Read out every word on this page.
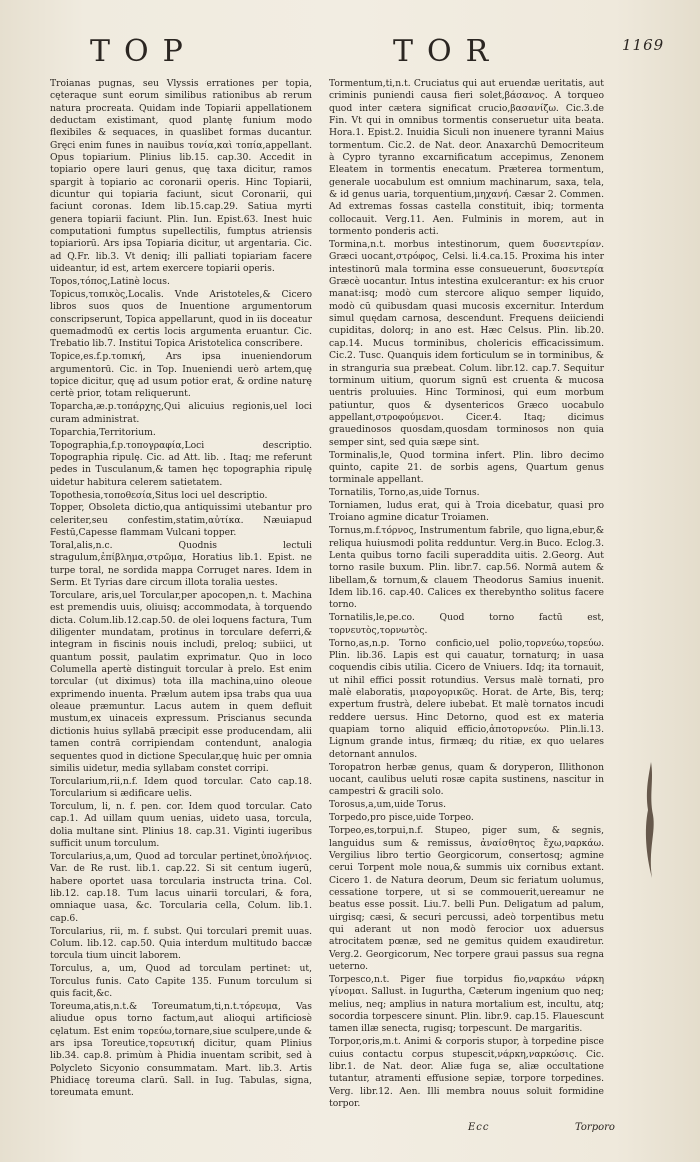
TOP	TOR	1169
Troianas pugnas, seu Vlyssis errationes per topia, cęteraque sunt eorum similibus rationibus ab rerum natura procreata. Quidam inde Topiarii appellationem deductam existimant, quod plantę funium modo flexibiles & sequaces, in quaslibet formas ducantur. Gręci enim funes in nauibus τονία,καὶ τοπία,appellant. Opus topiarium. Plinius lib.15. cap.30. Accedit in topiario opere lauri genus, quę taxa dicitur, ramos spargit à topiario ac coronarii operis. Hinc Topiarii, dicuntur qui topiaria faciunt, sicut Coronarii, qui faciunt coronas. Idem lib.15.cap.29. Satiua myrti genera topiarii faciunt. Plin. Iun. Epist.63. Inest huic computationi fumptus supellectilis, fumptus atriensis topiariorū. Ars ipsa Topiaria dicitur, ut argentaria. Cic. ad Q.Fr. lib.3. Vt deniq; illi palliati topiariam facere uideantur, id est, artem exercere topiarii operis.
Topos,τόπος,Latinè locus.
Topicus,τοπικὸς,Localis. Vnde Aristoteles,& Cicero libros suos quos de Inuentione argumentorum conscripserunt, Topica appellarunt, quod in iis doceatur quemadmodū ex certis locis argumenta eruantur. Cic. Trebatio lib.7. Institui Topica Aristotelica conscribere.
Topice,es.f.p.τοπική, Ars ipsa inueniendorum argumentorū. Cic. in Top. Inueniendi uerò artem,quę topice dicitur, quę ad usum potior erat, & ordine naturę certè prior, totam reliquerunt.
Toparcha,æ.p.τοπάρχης,Qui alicuius regionis,uel loci curam administrat.
Toparchia,Territorium.
Topographia,f.p.τοπογραφία,Loci descriptio. Topographia ripulę. Cic. ad Att. lib. . Itaq; me referunt pedes in Tusculanum,& tamen hęc topographia ripulę uidetur habitura celerem satietatem.
Topothesia,τοποθεσία,Situs loci uel descriptio.
Topper, Obsoleta dictio,qua antiquissimi utebantur pro celeriter,seu confestim,statim,αὐτίκα. Næuiapud Festū,Capesse flammam Vulcani topper.
Toral,alis,n.c. Quodnis lectuli stragulum,ἐπίβλημα,στρῶμα, Horatius lib.1. Epist. ne turpe toral, ne sordida mappa Corruget nares. Idem in Serm. Et Tyrias dare circum illota toralia uestes.
Torculare, aris,uel Torcular,per apocopen,n. t. Machina est premendis uuis, oliuisq; accommodata, à torquendo dicta. Colum.lib.12.cap.50. de olei loquens factura, Tum diligenter mundatam, protinus in torculare deferri,& integram in fiscinis nouis includi, preloq; subiici, ut quantum possit, paulatim exprimatur. Quo in loco Columella apertè distinguit torcular à prelo. Est enim torcular (ut diximus) tota illa machina,uino oleoue exprimendo inuenta. Prælum autem ipsa trabs qua uua oleaue præmuntur. Lacus autem in quem defluit mustum,ex uinaceis expressum. Priscianus secunda dictionis huius syllabā præcipit esse producendam, alii tamen contrā corripiendam contendunt, analogia sequentes quod in dictione Specular,quę huic per omnia similis uidetur, media syllabam constet corripi.
Torcularium,rii,n.f. Idem quod torcular. Cato cap.18. Torcularium si ædificare uelis.
Torculum, li, n. f. pen. cor. Idem quod torcular. Cato cap.1. Ad uillam quum uenias, uideto uasa, torcula, dolia multane sint. Plinius 18. cap.31. Viginti iugeribus sufficit unum torculum.
Torcularius,a,um, Quod ad torcular pertinet,ὑπολήνιος. Var. de Re rust. lib.1. cap.22. Si sit centum iugerū, habere oportet uasa torcularia instructa trina. Col. lib.12. cap.18. Tum lacus uinarii torculari, & fora, omniaque uasa, &c. Torcularia cella, Colum. lib.1. cap.6.
Torcularius, rii, m. f. subst. Qui torculari premit uuas. Colum. lib.12. cap.50. Quia interdum multitudo baccæ torcula tium uincit laborem.
Torculus, a, um, Quod ad torculam pertinet: ut, Torculus funis. Cato Capite 135. Funum torculum si quis facit,&c.
Toreuma,atis,n.t.& Toreumatum,ti,n.t.τόρευμα, Vas aliudue opus torno factum,aut alioqui artificiosè cęlatum. Est enim τορεύω,tornare,siue sculpere,unde & ars ipsa Toreutice,τορευτική dicitur, quam Plinius lib.34. cap.8. primùm à Phidia inuentam scribit, sed à Polycleto Sicyonio consummatam. Mart. lib.3. Artis Phidiacę toreuma clarū. Sall. in Iug. Tabulas, signa, toreumata emunt.
Tormentum,ti,n.t. Cruciatus qui aut eruendæ ueritatis, aut criminis puniendi causa fieri solet,βάσανος. A torqueo quod inter cætera significat crucio,βασανίζω. Cic.3.de Fin. Vt qui in omnibus tormentis conseruetur uita beata. Hora.1. Epist.2. Inuidia Siculi non inuenere tyranni Maius tormentum. Cic.2. de Nat. deor. Anaxarchū Democriteum à Cypro tyranno excarnificatum accepimus, Zenonem Eleatem in tormentis enecatum. Præterea tormentum, generale uocabulum est omnium machinarum, saxa, tela, & id genus uaria, torquentium,μηχανή. Cæsar 2. Commen. Ad extremas fossas castella constituit, ibiq; tormenta collocauit. Verg.11. Aen. Fulminis in morem, aut in tormento ponderis acti.
Tormina,n.t. morbus intestinorum, quem δυσεντερίαν. Græci uocant,στρόφος, Celsi. li.4.ca.15. Proxima his inter intestinorū mala tormina esse consueuerunt, δυσεντερία Græcè uocantur. Intus intestina exulcerantur: ex his cruor manat:isq; modò cum stercore aliquo semper liquido, modò cū quibusdam quasi mucosis excernitur. Interdum simul quędam carnosa, descendunt. Frequens deiiciendi cupiditas, dolorq; in ano est. Hæc Celsus. Plin. lib.20. cap.14. Mucus torminibus, cholericis efficacissimum. Cic.2. Tusc. Quanquis idem forticulum se in torminibus, & in stranguria sua præbeat. Colum. libr.12. cap.7. Sequitur torminum uitium, quorum signū est cruenta & mucosa uentris proluuies. Hinc Torminosi, qui eum morbum patiuntur, quos & dysentericos Græco uocabulo appellant,στροφούμενοι. Cicer.4. Itaq; dicimus grauedinosos quosdam,quosdam torminosos non quia semper sint, sed quia sæpe sint.
Torminalis,le, Quod tormina infert. Plin. libro decimo quinto, capite 21. de sorbis agens, Quartum genus torminale appellant.
Tornatilis, Torno,as,uide Tornus.
Torniamen, ludus erat, qui à Troia dicebatur, quasi pro Troiano agmine dicatur Troiamen.
Tornus,m.f.τόρνος, Instrumentum fabrile, quo ligna,ebur,& reliqua huiusmodi polita redduntur. Verg.in Buco. Eclog.3. Lenta quibus torno facili superaddita uitis. 2.Georg. Aut torno rasile buxum. Plin. libr.7. cap.56. Normā autem & libellam,& tornum,& clauem Theodorus Samius inuenit. Idem lib.16. cap.40. Calices ex therebyntho solitus facere torno.
Tornatilis,le,pe.co. Quod torno factū est, τορνευτὸς,τορνωτὸς.
Torno,as,n.p. Torno conficio,uel polio,τορνεύω,τορεύω. Plin. lib.36. Lapis est qui cauatur, tornaturq; in uasa coquendis cibis utilia. Cicero de Vniuers. Idq; ita tornauit, ut nihil effici possit rotundius. Versus malè tornati, pro malè elaboratis, μιαρογορικῶς. Horat. de Arte, Bis, terq; expertum frustrà, delere iubebat. Et malè tornatos incudi reddere uersus. Hinc Detorno, quod est ex materia quapiam torno aliquid efficio,ἀποτορνεύω. Plin.li.13. Lignum grande intus, firmæq; du ritiæ, ex quo uelares detornant annulos.
Toropatron herbæ genus, quam & doryperon, Illithonon uocant, caulibus ueluti rosæ capita sustinens, nascitur in campestri & gracili solo.
Torosus,a,um,uide Torus.
Torpedo,pro pisce,uide Torpeo.
Torpeo,es,torpui,n.f. Stupeo, piger sum, & segnis, languidus sum & remissus, ἀναίσθητος ἔχω,ναρκάω. Vergilius libro tertio Georgicorum, consertosq; agmine cerui Torpent mole noua,& summis uix cornibus extant. Cicero 1. de Natura deorum, Deum sic feriatum uolumus, cessatione torpere, ut si se commouerit,uereamur ne beatus esse possit. Liu.7. belli Pun. Deligatum ad palum, uirgisq; cæsi, & securi percussi, adeò torpentibus metu qui aderant ut non modò ferocior uox aduersus atrocitatem pœnæ, sed ne gemitus quidem exaudiretur. Verg.2. Georgicorum, Nec torpere graui passus sua regna ueterno.
Torpesco,n.t. Piger fiue torpidus fio,ναρκάω νάρκη γίνομαι. Sallust. in Iugurtha, Cæterum ingenium quo neq; melius, neq; amplius in natura mortalium est, incultu, atq; socordia torpescere sinunt. Plin. libr.9. cap.15. Flauescunt tamen illæ senecta, rugisq; torpescunt. De margaritis.
Torpor,oris,m.t. Animi & corporis stupor, à torpedine pisce cuius contactu corpus stupescit,νάρκη,ναρκώσις. Cic. libr.1. de Nat. deor. Aliæ fuga se, aliæ occultatione tutantur, atramenti effusione sepiæ, torpore torpedines. Verg. libr.12. Aen. Illi membra nouus soluit formidine torpor.
Ecc	Torporo
